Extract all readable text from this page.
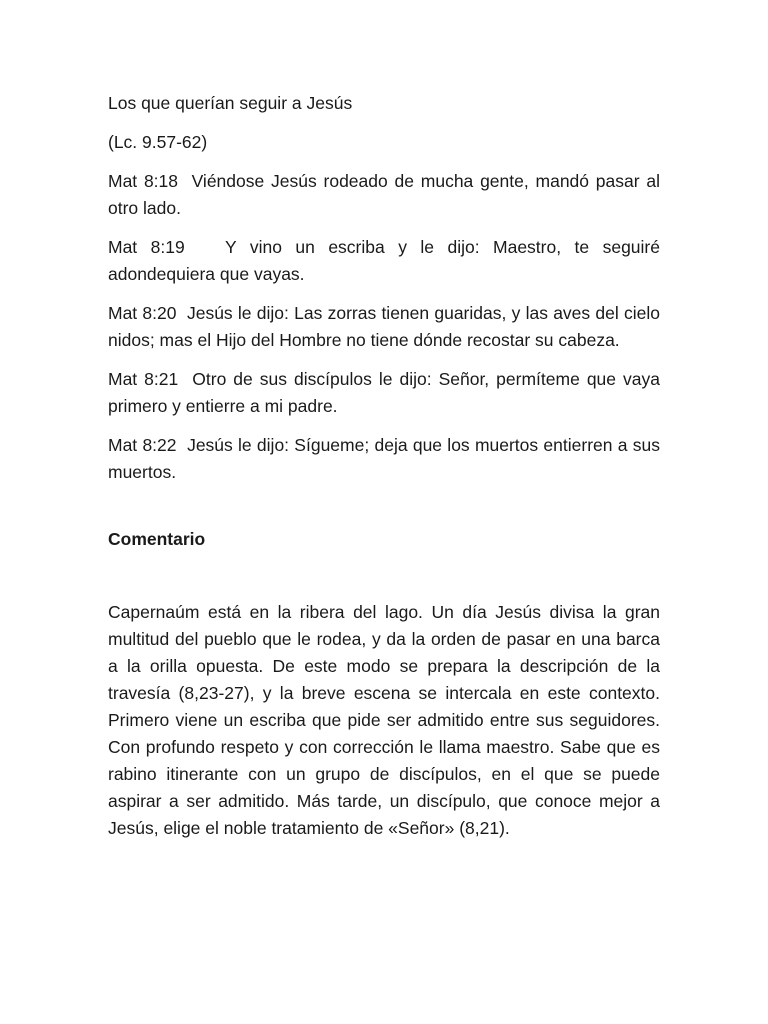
Los que querían seguir a Jesús

(Lc. 9.57-62)

Mat 8:18 Viéndose Jesús rodeado de mucha gente, mandó pasar al otro lado.

Mat 8:19 Y vino un escriba y le dijo: Maestro, te seguiré adondequiera que vayas.

Mat 8:20 Jesús le dijo: Las zorras tienen guaridas, y las aves del cielo nidos; mas el Hijo del Hombre no tiene dónde recostar su cabeza.

Mat 8:21 Otro de sus discípulos le dijo: Señor, permíteme que vaya primero y entierre a mi padre.

Mat 8:22 Jesús le dijo: Sígueme; deja que los muertos entierren a sus muertos.

Comentario

Capernaúm está en la ribera del lago. Un día Jesús divisa la gran multitud del pueblo que le rodea, y da la orden de pasar en una barca a la orilla opuesta. De este modo se prepara la descripción de la travesía (8,23-27), y la breve escena se intercala en este contexto. Primero viene un escriba que pide ser admitido entre sus seguidores. Con profundo respeto y con corrección le llama maestro. Sabe que es rabino itinerante con un grupo de discípulos, en el que se puede aspirar a ser admitido. Más tarde, un discípulo, que conoce mejor a Jesús, elige el noble tratamiento de «Señor» (8,21).
